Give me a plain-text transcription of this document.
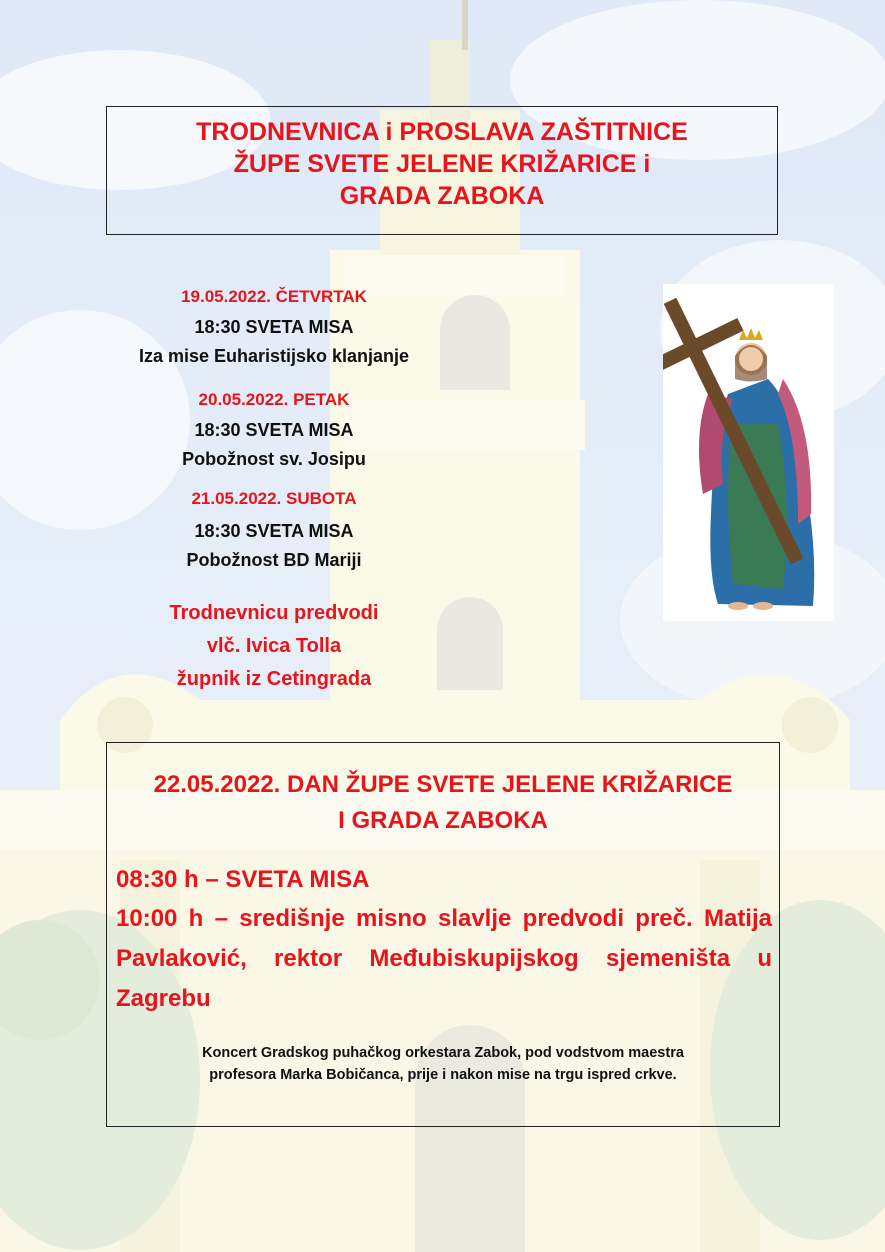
TRODNEVNICA i PROSLAVA ZAŠTITNICE
ŽUPE SVETE JELENE KRIŽARICE i
GRADA ZABOKA
19.05.2022. ČETVRTAK
18:30 SVETA MISA
Iza mise Euharistijsko klanjanje
20.05.2022. PETAK
18:30 SVETA MISA
Pobožnost sv. Josipu
21.05.2022. SUBOTA
18:30 SVETA MISA
Pobožnost BD Mariji
Trodnevnicu predvodi
vlč. Ivica Tolla
župnik iz Cetingrada
22.05.2022. DAN ŽUPE SVETE JELENE KRIŽARICE
I GRADA ZABOKA
08:30 h – SVETA MISA
10:00 h – središnje misno slavlje predvodi preč. Matija Pavlaković, rektor Međubiskupijskog sjemeništa u Zagrebu
Koncert Gradskog puhačkog orkestara Zabok, pod vodstvom maestra
profesora Marka Bobičanca, prije i nakon mise na trgu ispred crkve.
